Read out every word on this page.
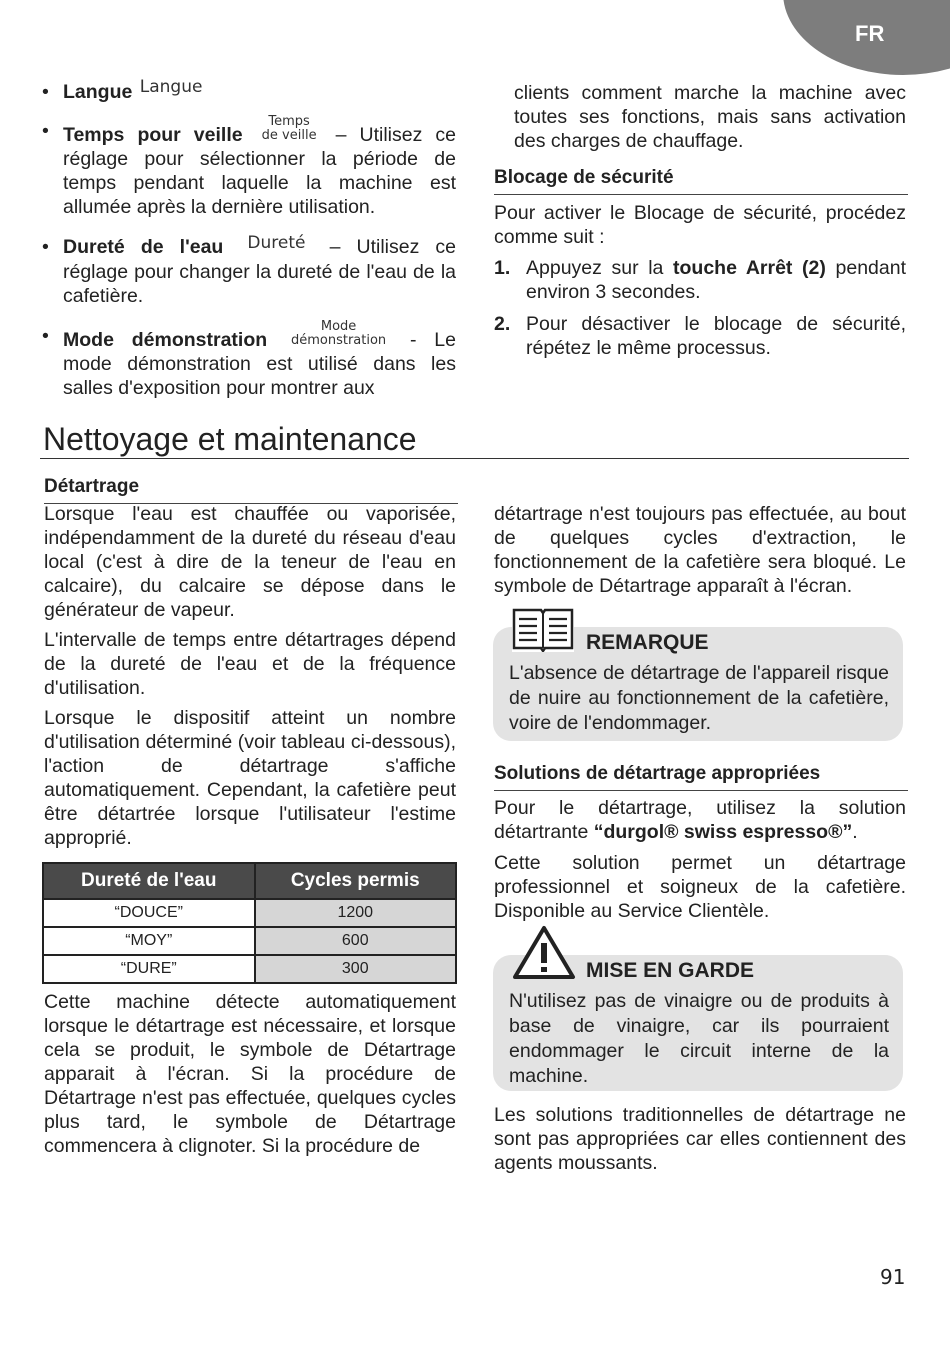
FR
• Langue Langue
• Temps pour veille Temps
de veille – Utilisez ce réglage pour sélectionner la période de temps pendant laquelle la machine est allumée après la dernière utilisation.
• Dureté de l'eau Dureté – Utilisez ce réglage pour changer la dureté de l'eau de la cafetière.
• Mode démonstration Mode
démonstration - Le mode démonstration est utilisé dans les salles d'exposition pour montrer aux

clients comment marche la machine avec toutes ses fonctions, mais sans activation des charges de chauffage.

Blocage de sécurité

Pour activer le Blocage de sécurité, procédez comme suit :

1. Appuyez sur la touche Arrêt (2) pendant environ 3 secondes.
2. Pour désactiver le blocage de sécurité, répétez le même processus.
Nettoyage et maintenance
Détartrage

Lorsque l'eau est chauffée ou vaporisée, indépendamment de la dureté du réseau d'eau local (c'est à dire de la teneur de l'eau en calcaire), du calcaire se dépose dans le générateur de vapeur.

L'intervalle de temps entre détartrages dépend de la dureté de l'eau et de la fréquence d'utilisation.

Lorsque le dispositif atteint un nombre d'utilisation déterminé (voir tableau ci-dessous), l'action de détartrage s'affiche automatiquement. Cependant, la cafetière peut être détartrée lorsque l'utilisateur l'estime approprié.

Dureté de l'eau	Cycles permis
“DOUCE”	1200
“MOY”	600
“DURE”	300

Cette machine détecte automatiquement lorsque le détartrage est nécessaire, et lorsque cela se produit, le symbole de Détartrage apparait à l'écran. Si la procédure de Détartrage n'est pas effectuée, quelques cycles plus tard, le symbole de Détartrage commencera à clignoter. Si la procédure de

détartrage n'est toujours pas effectuée, au bout de quelques cycles d'extraction, le fonctionnement de la cafetière sera bloqué. Le symbole de Détartrage apparaît à l'écran.

REMARQUE

L'absence de détartrage de l'appareil risque de nuire au fonctionnement de la cafetière, voire de l'endommager.

Solutions de détartrage appropriées

Pour le détartrage, utilisez la solution détartrante “durgol® swiss espresso®”.

Cette solution permet un détartrage professionnel et soigneux de la cafetière. Disponible au Service Clientèle.

MISE EN GARDE

N'utilisez pas de vinaigre ou de produits à base de vinaigre, car ils pourraient endommager le circuit interne de la machine.

Les solutions traditionnelles de détartrage ne sont pas appropriées car elles contiennent des agents moussants.

91
